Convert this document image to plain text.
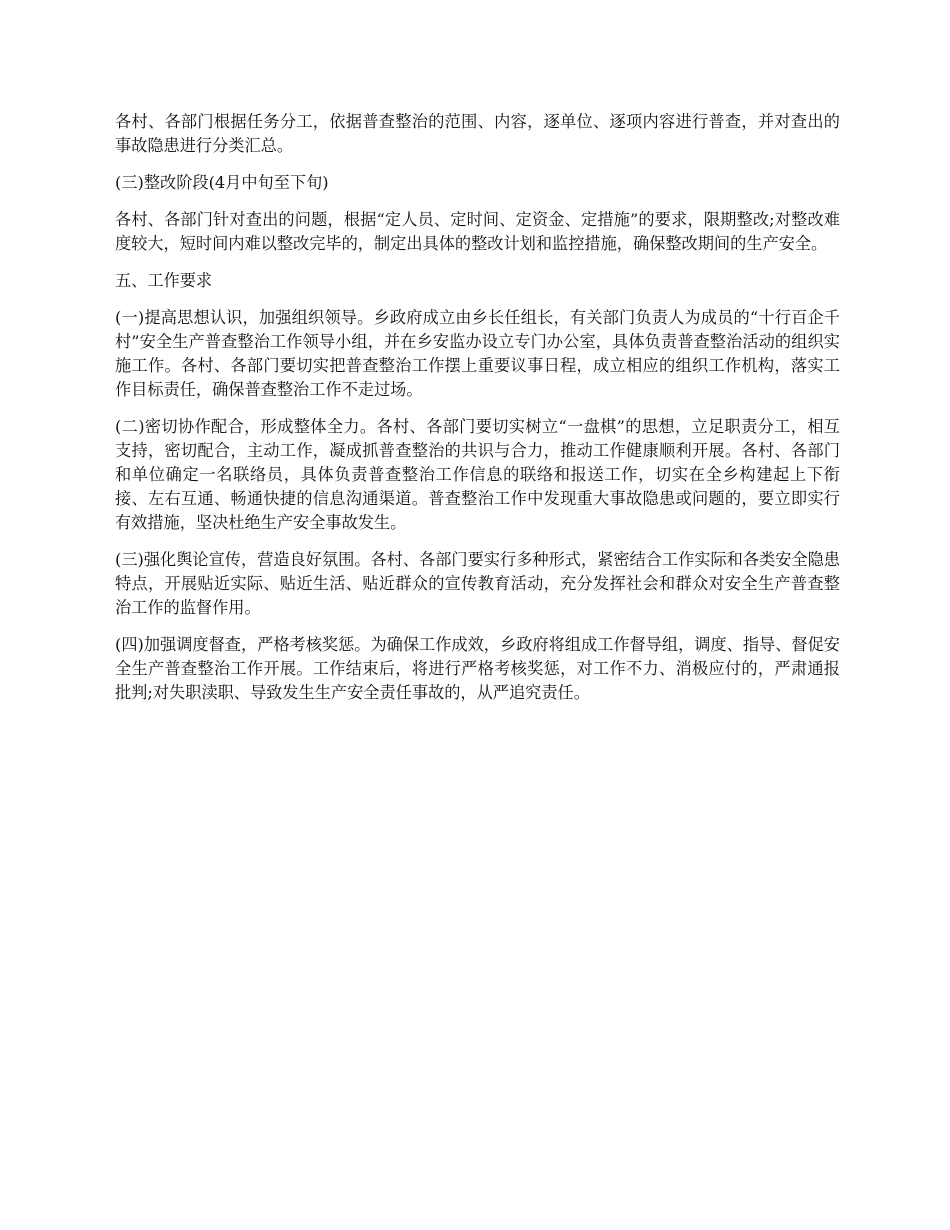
各村、各部门根据任务分工，依据普查整治的范围、内容，逐单位、逐项内容进行普查，并对查出的事故隐患进行分类汇总。

(三)整改阶段(4月中旬至下旬)

各村、各部门针对查出的问题，根据“定人员、定时间、定资金、定措施”的要求，限期整改;对整改难度较大，短时间内难以整改完毕的，制定出具体的整改计划和监控措施，确保整改期间的生产安全。

五、工作要求

(一)提高思想认识，加强组织领导。乡政府成立由乡长任组长，有关部门负责人为成员的“十行百企千村”安全生产普查整治工作领导小组，并在乡安监办设立专门办公室，具体负责普查整治活动的组织实施工作。各村、各部门要切实把普查整治工作摆上重要议事日程，成立相应的组织工作机构，落实工作目标责任，确保普查整治工作不走过场。

(二)密切协作配合，形成整体全力。各村、各部门要切实树立“一盘棋”的思想，立足职责分工，相互支持，密切配合，主动工作，凝成抓普查整治的共识与合力，推动工作健康顺利开展。各村、各部门和单位确定一名联络员，具体负责普查整治工作信息的联络和报送工作，切实在全乡构建起上下衔接、左右互通、畅通快捷的信息沟通渠道。普查整治工作中发现重大事故隐患或问题的，要立即实行有效措施，坚决杜绝生产安全事故发生。

(三)强化舆论宣传，营造良好氛围。各村、各部门要实行多种形式，紧密结合工作实际和各类安全隐患特点，开展贴近实际、贴近生活、贴近群众的宣传教育活动，充分发挥社会和群众对安全生产普查整治工作的监督作用。

(四)加强调度督查，严格考核奖惩。为确保工作成效，乡政府将组成工作督导组，调度、指导、督促安全生产普查整治工作开展。工作结束后，将进行严格考核奖惩，对工作不力、消极应付的，严肃通报批判;对失职渎职、导致发生生产安全责任事故的，从严追究责任。
